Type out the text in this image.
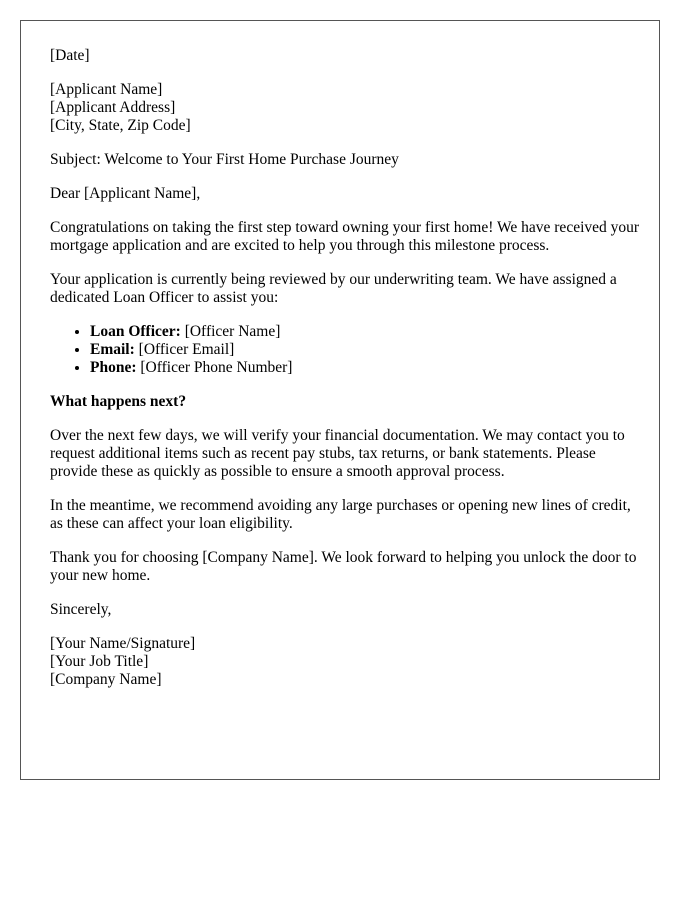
[Date]

[Applicant Name]
[Applicant Address]
[City, State, Zip Code]

Subject: Welcome to Your First Home Purchase Journey

Dear [Applicant Name],

Congratulations on taking the first step toward owning your first home! We have received your mortgage application and are excited to help you through this milestone process.

Your application is currently being reviewed by our underwriting team. We have assigned a dedicated Loan Officer to assist you:

• Loan Officer: [Officer Name]
• Email: [Officer Email]
• Phone: [Officer Phone Number]

What happens next?

Over the next few days, we will verify your financial documentation. We may contact you to request additional items such as recent pay stubs, tax returns, or bank statements. Please provide these as quickly as possible to ensure a smooth approval process.

In the meantime, we recommend avoiding any large purchases or opening new lines of credit, as these can affect your loan eligibility.

Thank you for choosing [Company Name]. We look forward to helping you unlock the door to your new home.

Sincerely,

[Your Name/Signature]
[Your Job Title]
[Company Name]
